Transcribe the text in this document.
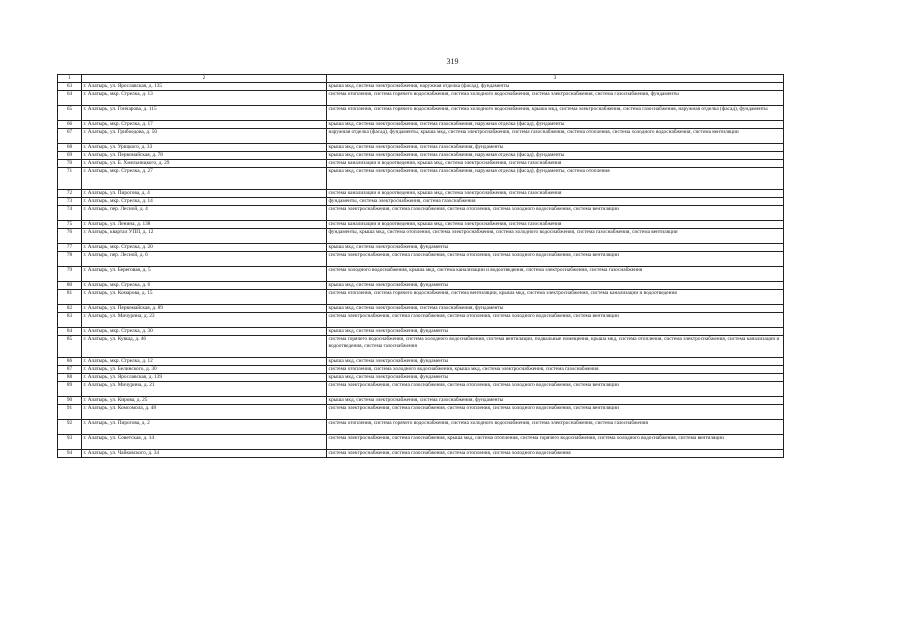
319
1	2	3
63	г. Алатырь, ул. Ярославская, д. 135	крыша мкд, система электроснабжения, наружная отделка (фасад), фундаменты
64	г. Алатырь, мкр. Стрелка, д. 13	система отопления, система горячего водоснабжения, система холодного водоснабжения, система электроснабжения, система газоснабжения, фундаменты
65	г. Алатырь, ул. Гончарова, д. 115	система отопления, система горячего водоснабжения, система холодного водоснабжения, крыша мкд, система электроснабжения, система газоснабжения, наружная отделка (фасад), фундаменты
66	г. Алатырь, мкр. Стрелка, д. 17	крыша мкд, система электроснабжения, система газоснабжения, наружная отделка (фасад), фундаменты
67	г. Алатырь, ул. Грибоедова, д. 50	наружная отделка (фасад), фундаменты, крыша мкд, система электроснабжения, система газоснабжения, система отопления, система холодного водоснабжения, система вентиляции
68	г. Алатырь, ул. Урицкого, д. 33	крыша мкд, система электроснабжения, система газоснабжения, фундаменты
69	г. Алатырь, ул. Первомайская, д. 78	крыша мкд, система электроснабжения, система газоснабжения, наружная отделка (фасад), фундаменты
70	г. Алатырь, ул. Б. Хмельницкого, д. 29	система канализации и водоотведения, крыша мкд, система электроснабжения, система газоснабжения
71	г. Алатырь, мкр. Стрелка, д. 27	крыша мкд, система электроснабжения, система газоснабжения, наружная отделка (фасад), фундаменты, система отопления
72	г. Алатырь, ул. Пирогова, д. 4	система канализации и водоотведения, крыша мкд, система электроснабжения, система газоснабжения
73	г. Алатырь, мкр. Стрелка, д. 14	фундаменты, система электроснабжения, система газоснабжения
74	г. Алатырь, пер. Лесной, д. 4	система электроснабжения, система газоснабжения, система отопления, система холодного водоснабжения, система вентиляции
75	г. Алатырь, ул. Ленина, д. 138	система канализации и водоотведения, крыша мкд, система электроснабжения, система газоснабжения
76	г. Алатырь, квартал УПП, д. 12	фундаменты, крыша мкд, система отопления, система электроснабжения, система холодного водоснабжения, система газоснабжения, система вентиляции
77	г. Алатырь, мкр. Стрелка, д. 20	крыша мкд, система электроснабжения, фундаменты
78	г. Алатырь, пер. Лесной, д. 6	система электроснабжения, система газоснабжения, система отопления, система холодного водоснабжения, система вентиляции
79	г. Алатырь, ул. Береговая, д. 5	система холодного водоснабжения, крыша мкд, система канализации и водоотведения, система электроснабжения, система газоснабжения
80	г. Алатырь, мкр. Стрелка, д. 6	крыша мкд, система электроснабжения, фундаменты
81	г. Алатырь, ул. Комарова, д. 15	система отопления, система горячего водоснабжения, система вентиляции, крыша мкд, система электроснабжения, система канализации и водоотведения
82	г. Алатырь, ул. Первомайская, д. 89	крыша мкд, система электроснабжения, система газоснабжения, фундаменты
83	г. Алатырь, ул. Мичурина, д. 23	система электроснабжения, система газоснабжения, система отопления, система холодного водоснабжения, система вентиляции
84	г. Алатырь, мкр. Стрелка, д. 30	крыша мкд, система электроснабжения, фундаменты
85	г. Алатырь, ул. Кувшд, д. 46	система горячего водоснабжения, система холодного водоснабжения, система вентиляции, подвальные помещения, крыша мкд, система отопления, система электроснабжения, система канализации и водоотведения, система газоснабжения
86	г. Алатырь, мкр. Стрелка, д. 12	крыша мкд, система электроснабжения, фундаменты
87	г. Алатырь, ул. Белинского, д. 30	система отопления, система холодного водоснабжения, крыша мкд, система электроснабжения, система газоснабжения
88	г. Алатырь, ул. Ярославская, д. 139	крыша мкд, система электроснабжения, фундаменты
89	г. Алатырь, ул. Мичурина, д. 21	система электроснабжения, система газоснабжения, система отопления, система холодного водоснабжения, система вентиляции
90	г. Алатырь, ул. Кирова, д. 25	крыша мкд, система электроснабжения, система газоснабжения, фундаменты
91	г. Алатырь, ул. Комсомола, д. 48	система электроснабжения, система газоснабжения, система отопления, система холодного водоснабжения, система вентиляции
92	г. Алатырь, ул. Пирогова, д. 2	система отопления, система горячего водоснабжения, система холодного водоснабжения, система электроснабжения, система газоснабжения
93	г. Алатырь, ул. Советская, д. 14	система электроснабжения, система газоснабжения, крыша мкд, система отопления, система горячего водоснабжения, система холодного водоснабжения, система вентиляции
94	г. Алатырь, ул. Чайковского, д. 34	система электроснабжения, система газоснабжения, система отопления, система холодного водоснабжения
